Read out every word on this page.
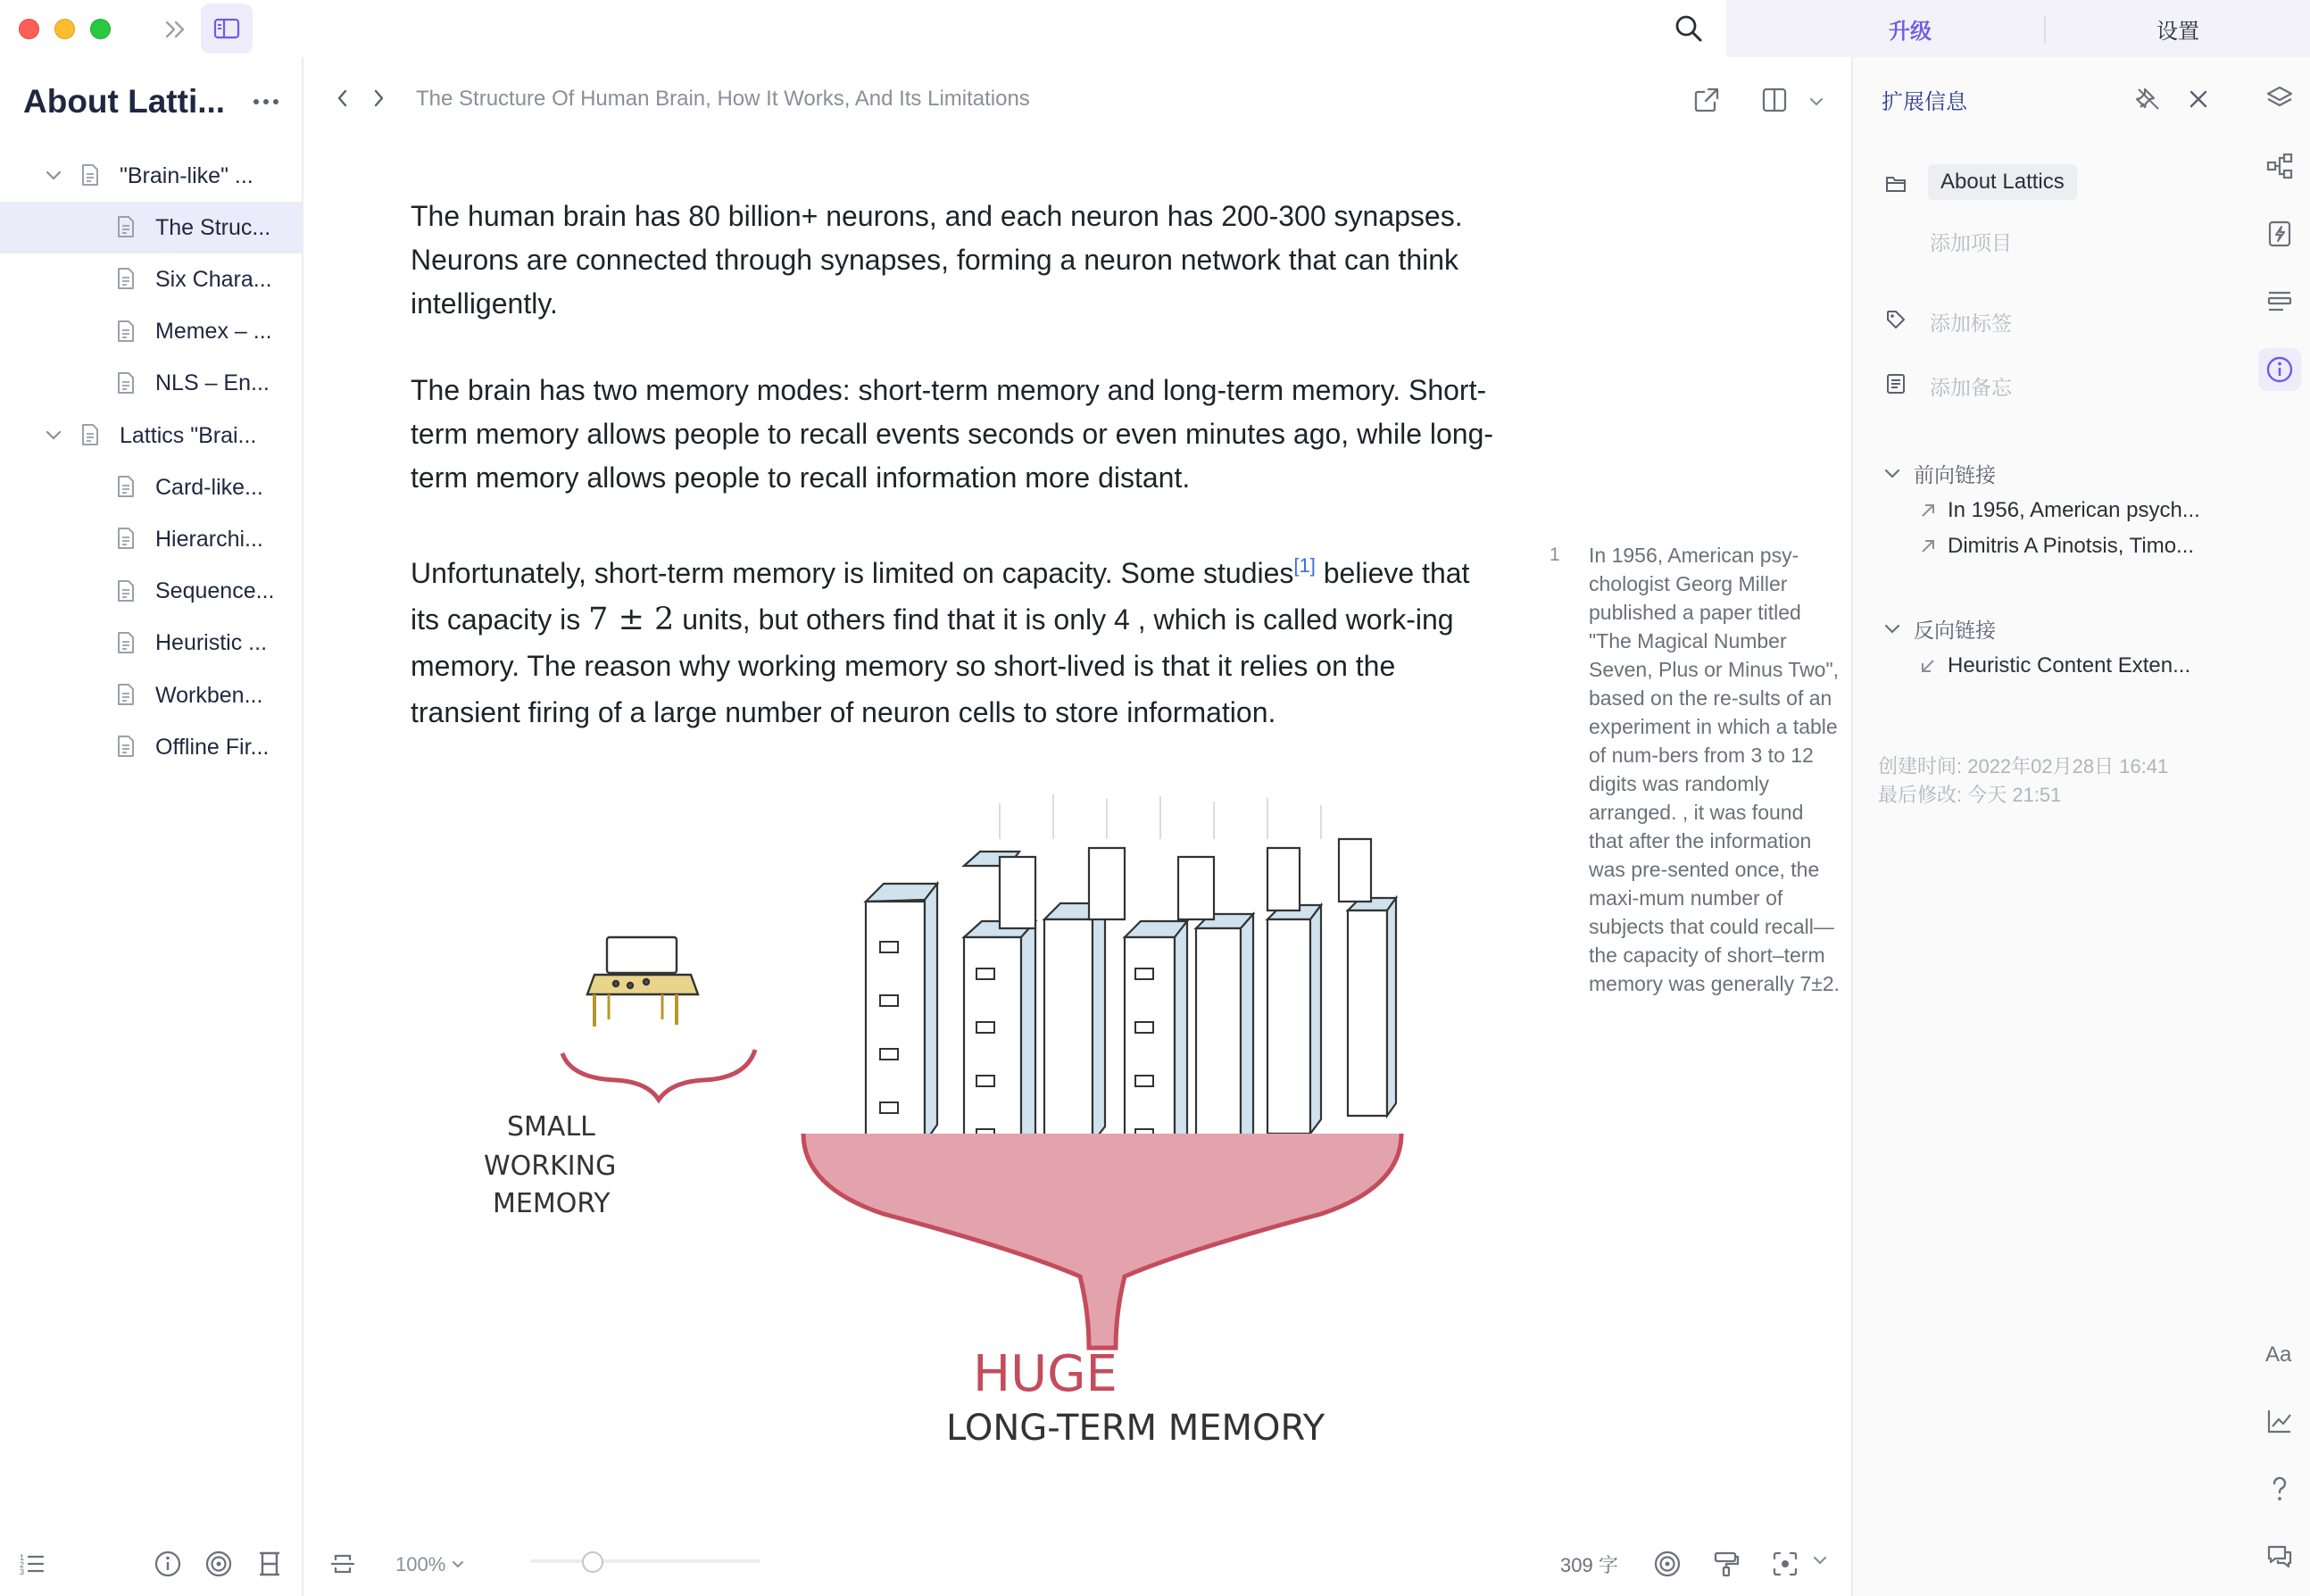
升级	设置
About Latti...
"Brain-like" ...
The Struc...
Six Chara...
Memex – ...
NLS – En...
Lattics "Brai...
Card-like...
Hierarchi...
Sequence...
Heuristic ...
Workben...
Offline Fir...
1
2
3
The Structure Of Human Brain, How It Works, And Its Limitations

The human brain has 80 billion+ neurons, and each neuron has 200-300 synapses. Neurons are connected through synapses, forming a neuron network that can think intelligently.

The brain has two memory modes: short-term memory and long-term memory. Short-term memory allows people to recall events seconds or even minutes ago, while long-term memory allows people to recall information more distant.

Unfortunately, short-term memory is limited on capacity. Some studies[1] believe that its capacity is 7 ± 2 units, but others find that it is only 4 , which is called work-ing memory. The reason why working memory so short-lived is that it relies on the transient firing of a large number of neuron cells to store information.

SMALL
WORKING
MEMORY
HUGE
LONG-TERM MEMORY
1	In 1956, American psy-chologist Georg Miller published a paper titled "The Magical Number Seven, Plus or Minus Two", based on the re-sults of an experiment in which a table of num-bers from 3 to 12 digits was randomly arranged. , it was found that after the information was pre-sented once, the maxi-mum number of subjects that could recall—the capacity of short–term memory was generally 7±2.
100%	309 字
扩展信息
About Lattics
添加项目
添加标签
添加备忘
前向链接
In 1956, American psych...
Dimitris A Pinotsis, Timo...
反向链接
Heuristic Content Exten...
创建时间: 2022年02月28日 16:41
最后修改: 今天 21:51
Aa
